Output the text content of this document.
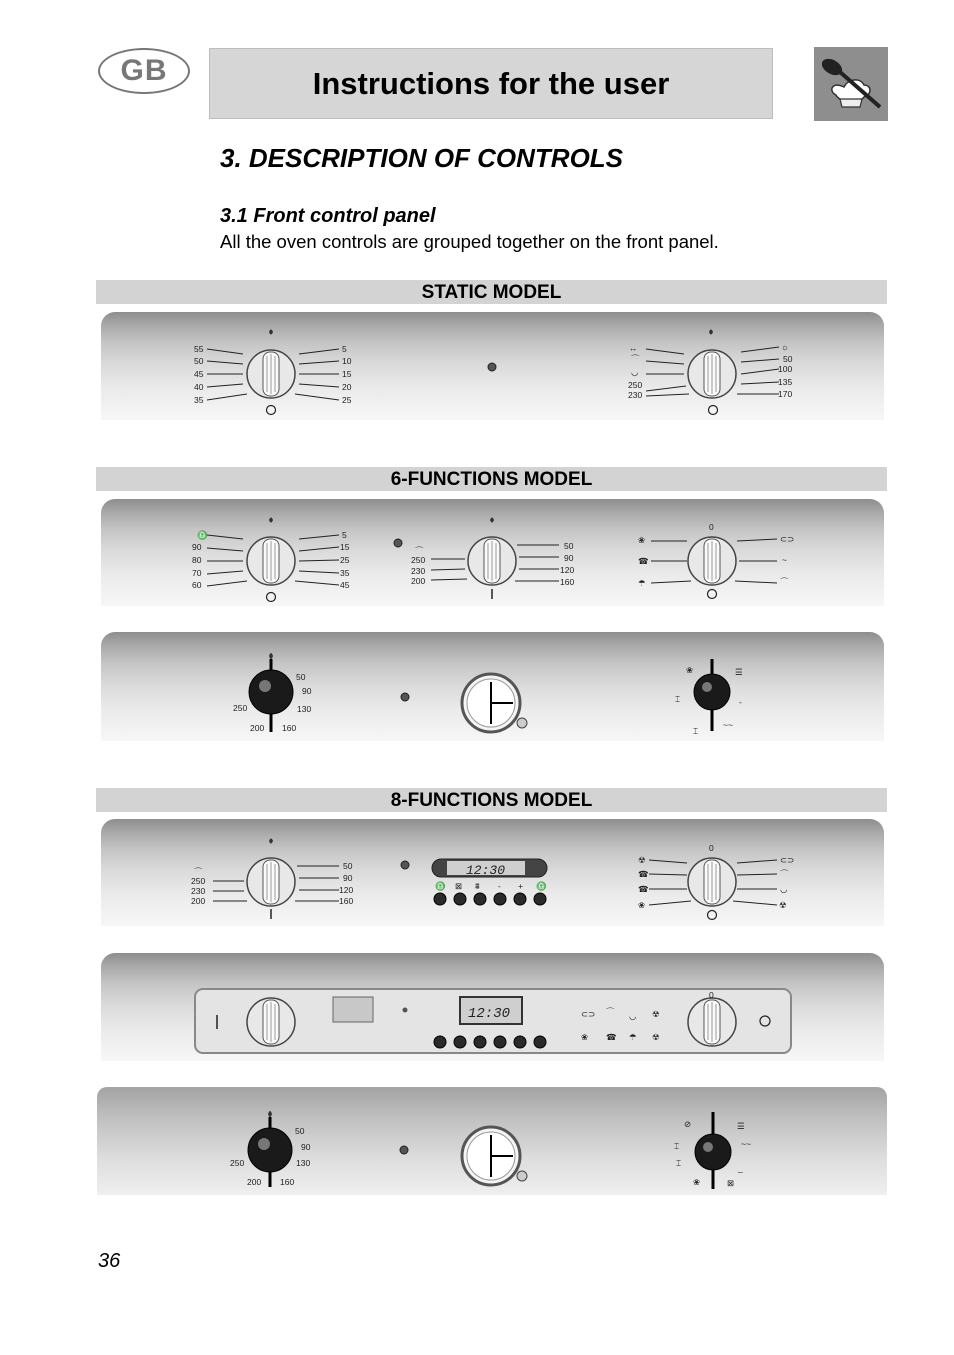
GB	Instructions for the user
3. DESCRIPTION OF CONTROLS
3.1 Front control panel
All the oven controls are grouped together on the front panel.
STATIC MODEL
55
50
45
40
35
5
10
15
20
25
↔
⌒
◡
250
230
☼
50
100
135
170
6-FUNCTIONS MODEL
♎
90
80
70
60
5
15
25
35
45
⌒
250
230
200
50
90
120
160
0
❀
☎
☂
⊂⊃
~
⌒
50
90
250	130
200 160
❀
⌶
⌶
☰
-
~~
8-FUNCTIONS MODEL
⌒
250
230
200
50
90
120
160
12:30
♎ ⊠ ⩩ - + ♎
0
☢
☎
☎
❀
⊂⊃
⌒
◡
☢
12:30	⊂⊃ ⌒ ◡ ☢
❀ ☎ ☂ ☢
0
50
90
250	130
200 160
⊘
⌶
⌶
❀	⊠
☰
~~
_
36
